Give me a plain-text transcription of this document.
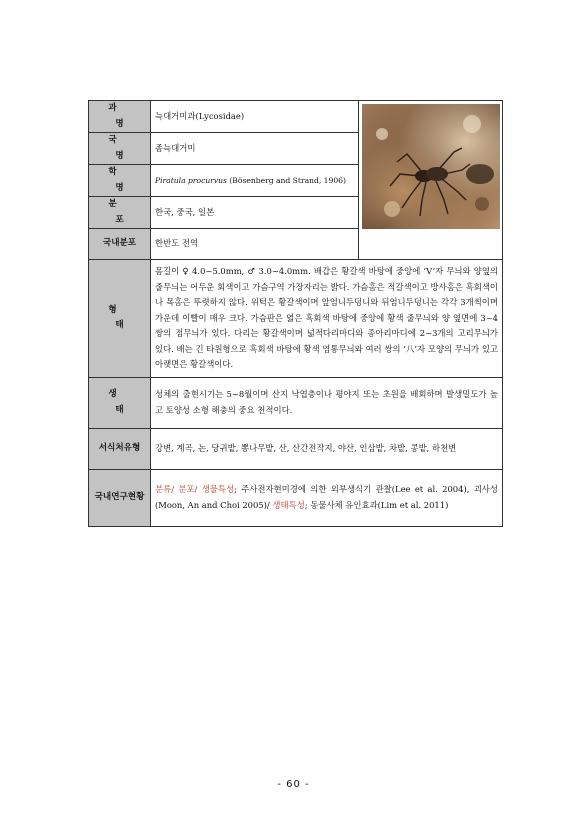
과 명	늑대거미과(Lycosidae)	

국 명	좀늑대거미	
학 명	Piratula procurvus (Bösenberg and Strand, 1906)	
분 포	한국, 중국, 일본	
국내분포	한반도 전역	
형 태	몸길이 ♀ 4.0~5.0mm, ♂ 3.0~4.0mm. 배갑은 황갈색 바탕에 중앙에 ‘V’자 무늬와 양옆의 줄무늬는 어두운 회색이고 가슴구역 가장자리는 밝다. 가슴홈은 적갈색이고 방사홈은 흑회색이나 목홈은 뚜렷하지 않다. 위턱은 황갈색이며 앞엄니두덩니와 뒤엄니두덩니는 각각 3개씩이며 가운데 이빨이 매우 크다. 가슴판은 엷은 흑회색 바탕에 중앙에 황색 줄무늬와 양 옆면에 3~4쌍의 점무늬가 있다. 다리는 황갈색이며 넓적다리마디와 종아리마디에 2~3개의 고리무늬가 있다. 배는 긴 타원형으로 흑회색 바탕에 황색 염통무늬와 여러 쌍의 ‘八’자 모양의 무늬가 있고 아랫면은 황갈색이다.	
생 태	성체의 출현시기는 5~8월이며 산지 낙엽층이나 평야지 또는 초원을 배회하며 발생밀도가 높고 토양성 소형 해충의 중요 천적이다.	
서식처유형	강변, 계곡, 논, 당귀밭, 뽕나무밭, 산, 산간전작지, 야산, 인삼밭, 차밭, 콩밭, 하천변	
국내연구현황	분류/ 분포/ 생물특성; 주사전자현미경에 의한 외부생식기 관찰(Lee et al. 2004), 괴사성(Moon, An and Choi 2005)/ 생태특성; 동물사체 유인효과(Lim et al. 2011)	
- 60 -
